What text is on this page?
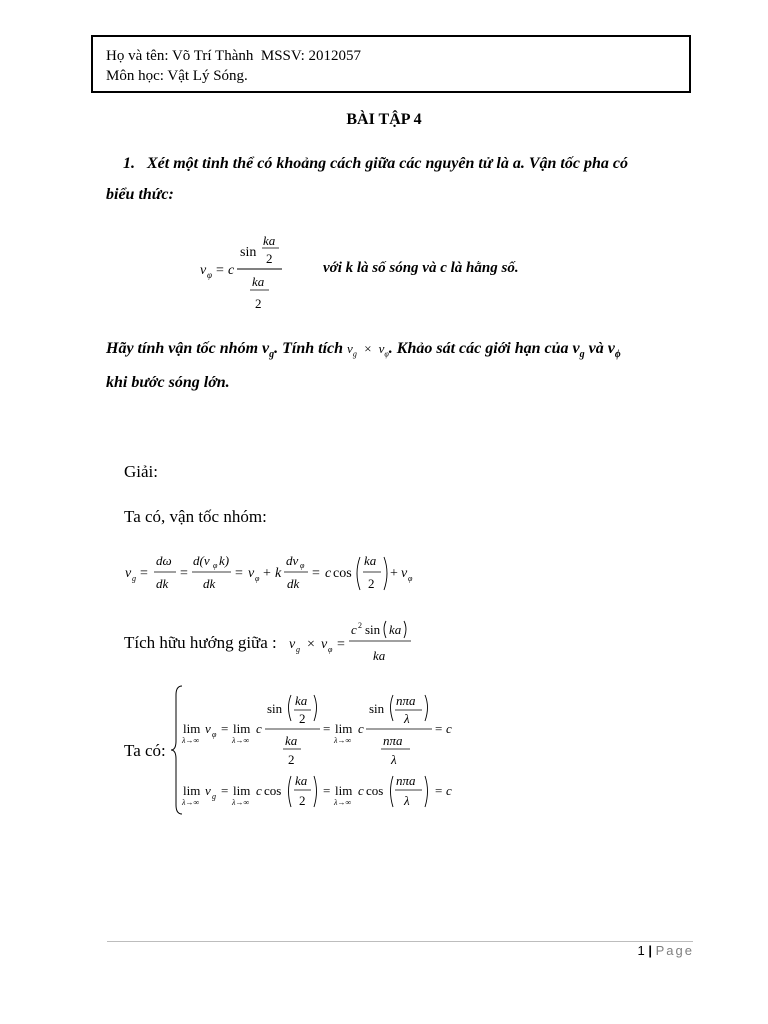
Họ và tên: Võ Trí Thành  MSSV: 2012057
Môn học: Vật Lý Sóng.
BÀI TẬP 4
1. Xét một tinh thể có khoảng cách giữa các nguyên tử là a. Vận tốc pha có
biểu thức:
v φ = c
sin
ka
2
ka
2
với k là số sóng và c là hằng số.
Hãy tính vận tốc nhóm $v_g$. Tính tích $v_g \times v_\varphi$. Khảo sát các giới hạn của $v_g$ và $v_\phi$
khi bước sóng lớn.
Giải:
Ta có, vận tốc nhóm:
v g =
dω
dk
=
d(v φ k)
dk
= v φ + k
dv φ
dk
= c cos
ka
2
+ v φ
Tích hữu hướng giữa : v g × v φ =
c 2 sin ka
ka
Ta có:
lim
λ→∞
v φ = lim
λ→∞
c
sin
ka
2
ka
2
= lim
λ→∞
c
sin
nπa
λ
nπa
λ
= c
lim
λ→∞
v g = lim
λ→∞
c cos
ka
2
= lim
λ→∞
c cos
nπa
λ
= c
1 | Page
